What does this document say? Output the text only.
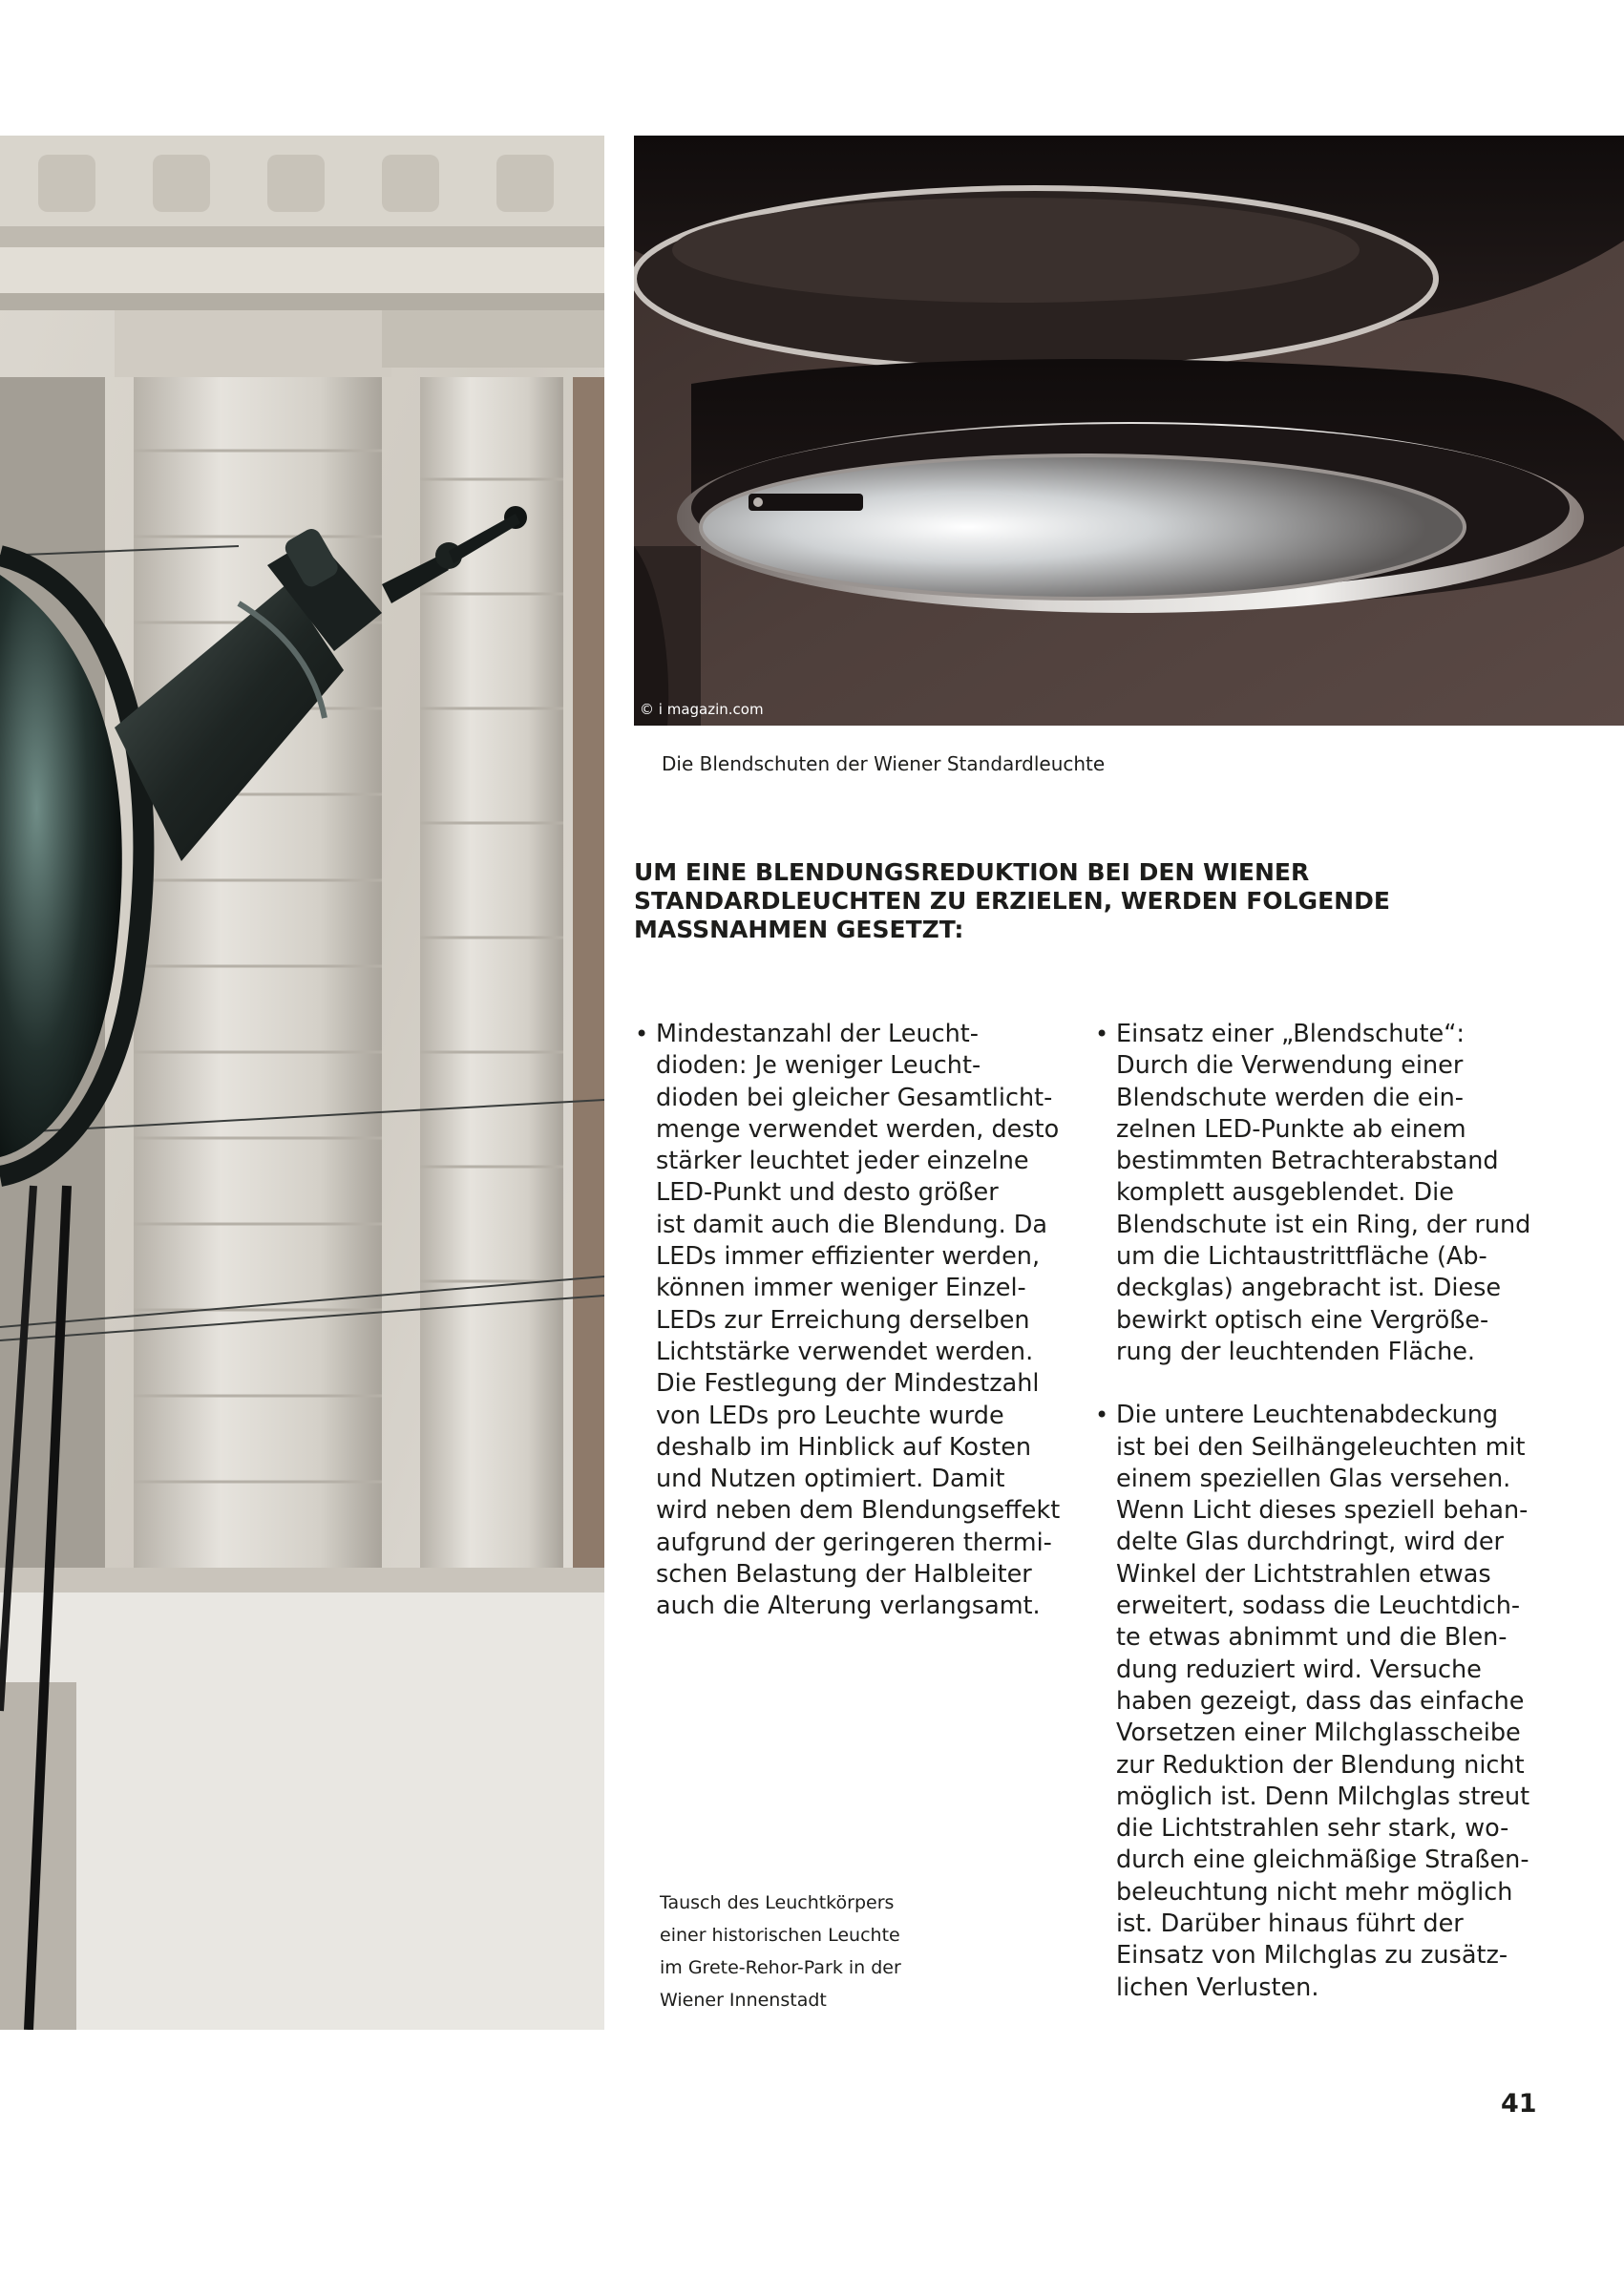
© i magazin.com
Die Blendschuten der Wiener Standardleuchte
UM EINE BLENDUNGSREDUKTION BEI DEN WIENER
STANDARDLEUCHTEN ZU ERZIELEN, WERDEN FOLGENDE
MASSNAHMEN GESETZT:
• Mindestanzahl der Leucht-
dioden: Je weniger Leucht-
dioden bei gleicher Gesamtlicht-
menge verwendet werden, desto
stärker leuchtet jeder einzelne
LED-Punkt und desto größer
ist damit auch die Blendung. Da
LEDs immer effizienter werden,
können immer weniger Einzel-
LEDs zur Erreichung derselben
Lichtstärke verwendet werden.
Die Festlegung der Mindestzahl
von LEDs pro Leuchte wurde
deshalb im Hinblick auf Kosten
und Nutzen optimiert. Damit
wird neben dem Blendungseffekt
aufgrund der geringeren thermi-
schen Belastung der Halbleiter
auch die Alterung verlangsamt.

• Einsatz einer „Blendschute“:
Durch die Verwendung einer
Blendschute werden die ein-
zelnen LED-Punkte ab einem
bestimmten Betrachterabstand
komplett ausgeblendet. Die
Blendschute ist ein Ring, der rund
um die Lichtaustrittfläche (Ab-
deckglas) angebracht ist. Diese
bewirkt optisch eine Vergröße-
rung der leuchtenden Fläche.

• Die untere Leuchtenabdeckung
ist bei den Seilhängeleuchten mit
einem speziellen Glas versehen.
Wenn Licht dieses speziell behan-
delte Glas durchdringt, wird der
Winkel der Lichtstrahlen etwas
erweitert, sodass die Leuchtdich-
te etwas abnimmt und die Blen-
dung reduziert wird. Versuche
haben gezeigt, dass das einfache
Vorsetzen einer Milchglasscheibe
zur Reduktion der Blendung nicht
möglich ist. Denn Milchglas streut
die Lichtstrahlen sehr stark, wo-
durch eine gleichmäßige Straßen-
beleuchtung nicht mehr möglich
ist. Darüber hinaus führt der
Einsatz von Milchglas zu zusätz-
lichen Verlusten.

Tausch des Leuchtkörpers
einer historischen Leuchte
im Grete-Rehor-Park in der
Wiener Innenstadt

41
